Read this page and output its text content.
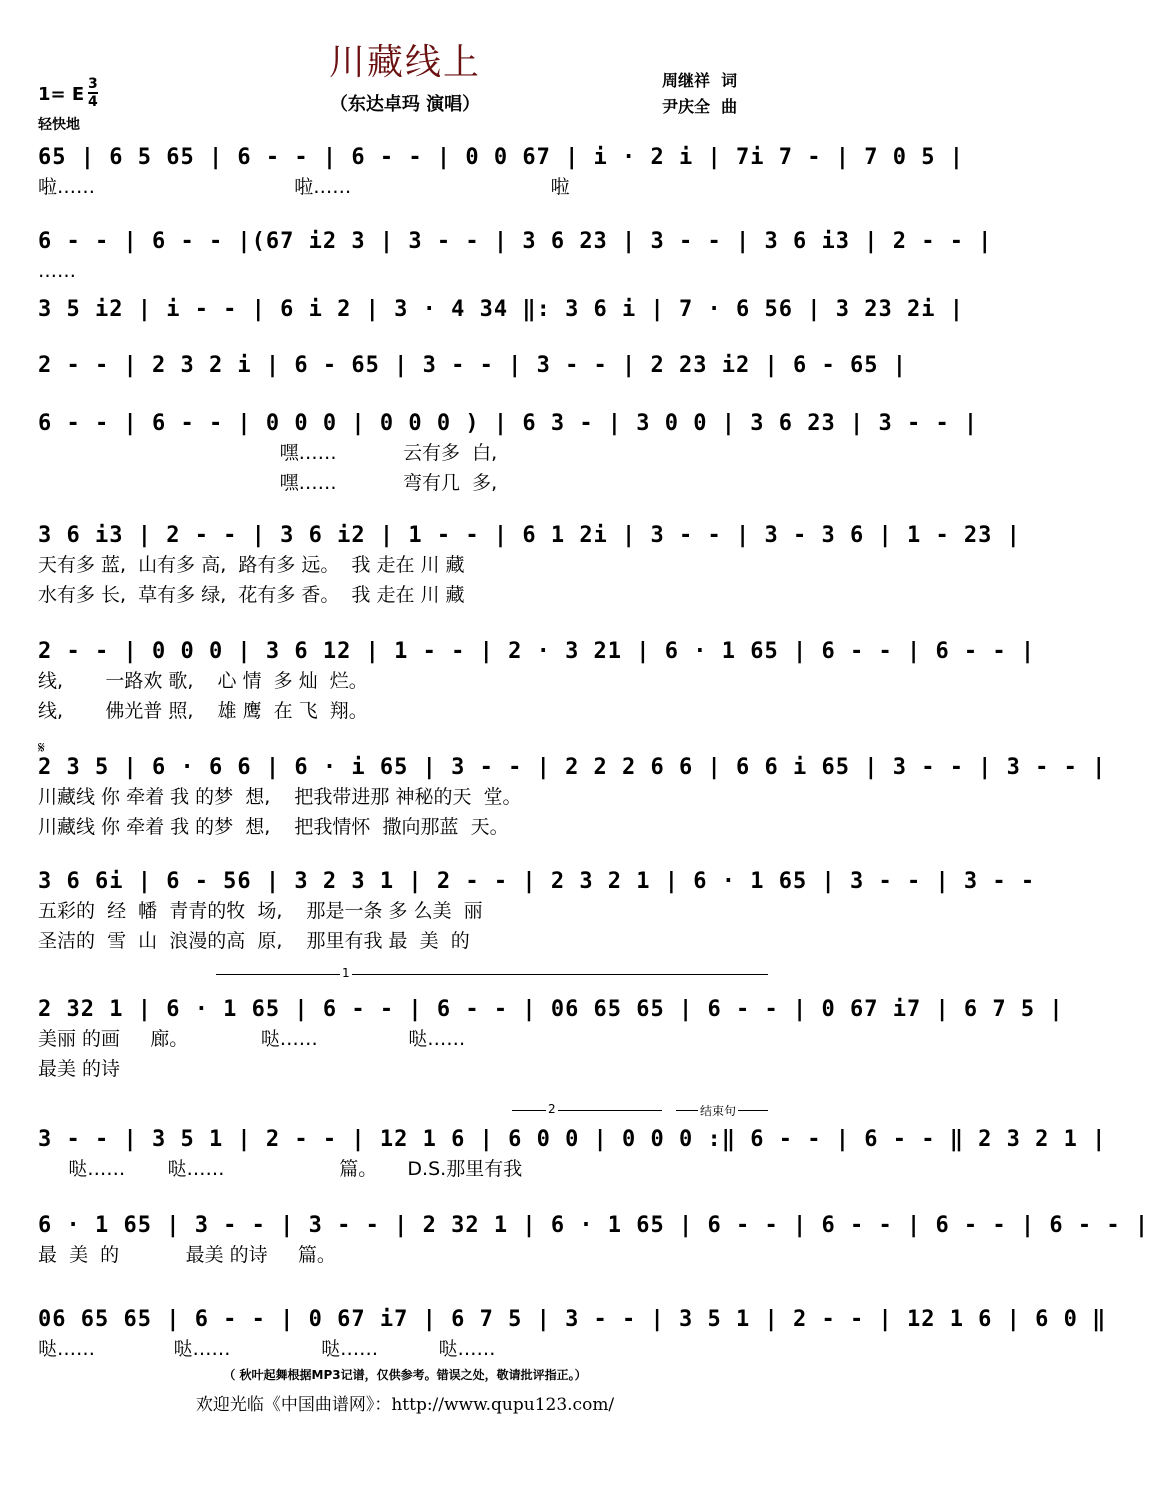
川藏线上
（东达卓玛 演唱）
周继祥  词
尹庆全  曲
1= E 3
4
轻快地
65 | 6 5 65 | 6 - - | 6 - - | 0 0 67 | i · 2 i | 7i 7 - | 7 0 5 |
啦……                                 啦……                                 啦
6 - - | 6 - - |(67 i2 3 | 3 - - | 3 6 23 | 3 - - | 3 6 i3 | 2 - - |
……
3 5 i2 | i - - | 6 i 2 | 3 · 4 34 ‖: 3 6 i | 7 · 6 56 | 3 23 2i |
2 - - | 2 3 2 i | 6 - 65 | 3 - - | 3 - - | 2 23 i2 | 6 - 65 |
6 - - | 6 - - | 0 0 0 | 0 0 0 ) | 6 3 - | 3 0 0 | 3 6 23 | 3 - - |
嘿……           云有多  白,
嘿……           弯有几  多,
3 6 i3 | 2 - - | 3 6 i2 | 1 - - | 6 1 2i | 3 - - | 3 - 3 6 | 1 - 23 |
天有多 蓝,  山有多 高,  路有多 远。  我 走在 川 藏
水有多 长,  草有多 绿,  花有多 香。  我 走在 川 藏
2 - - | 0 0 0 | 3 6 12 | 1 - - | 2 · 3 21 | 6 · 1 65 | 6 - - | 6 - - |
线,       一路欢 歌,    心 情  多 灿  烂。
线,       佛光普 照,    雄 鹰  在 飞  翔。
𝄋
2 3 5 | 6 · 6 6 | 6 · i 65 | 3 - - | 2 2 2 6 6 | 6 6 i 65 | 3 - - | 3 - - |
川藏线 你 牵着 我 的梦  想,    把我带进那 神秘的天  堂。
川藏线 你 牵着 我 的梦  想,    把我情怀  撒向那蓝  天。
3 6 6i | 6 - 56 | 3 2 3 1 | 2 - - | 2 3 2 1 | 6 · 1 65 | 3 - - | 3 - -
五彩的  经  幡  青青的牧  场,    那是一条 多 么美  丽
圣洁的  雪  山  浪漫的高  原,    那里有我 最  美  的
1
2 32 1 | 6 · 1 65 | 6 - - | 6 - - | 06 65 65 | 6 - - | 0 67 i7 | 6 7 5 |
美丽 的画     廊。            哒……               哒……
最美 的诗
2	结束句
3 - - | 3 5 1 | 2 - - | 12 1 6 | 6 0 0 | 0 0 0 :‖ 6 - - | 6 - - ‖ 2 3 2 1 |
哒……       哒……                   篇。     D.S.那里有我
6 · 1 65 | 3 - - | 3 - - | 2 32 1 | 6 · 1 65 | 6 - - | 6 - - | 6 - - | 6 - - |
最  美  的           最美 的诗     篇。
06 65 65 | 6 - - | 0 67 i7 | 6 7 5 | 3 - - | 3 5 1 | 2 - - | 12 1 6 | 6 0 ‖
哒……             哒……               哒……          哒……
（ 秋叶起舞根据MP3记谱，仅供参考。错误之处，敬请批评指正。）
欢迎光临《中国曲谱网》：http://www.qupu123.com/
